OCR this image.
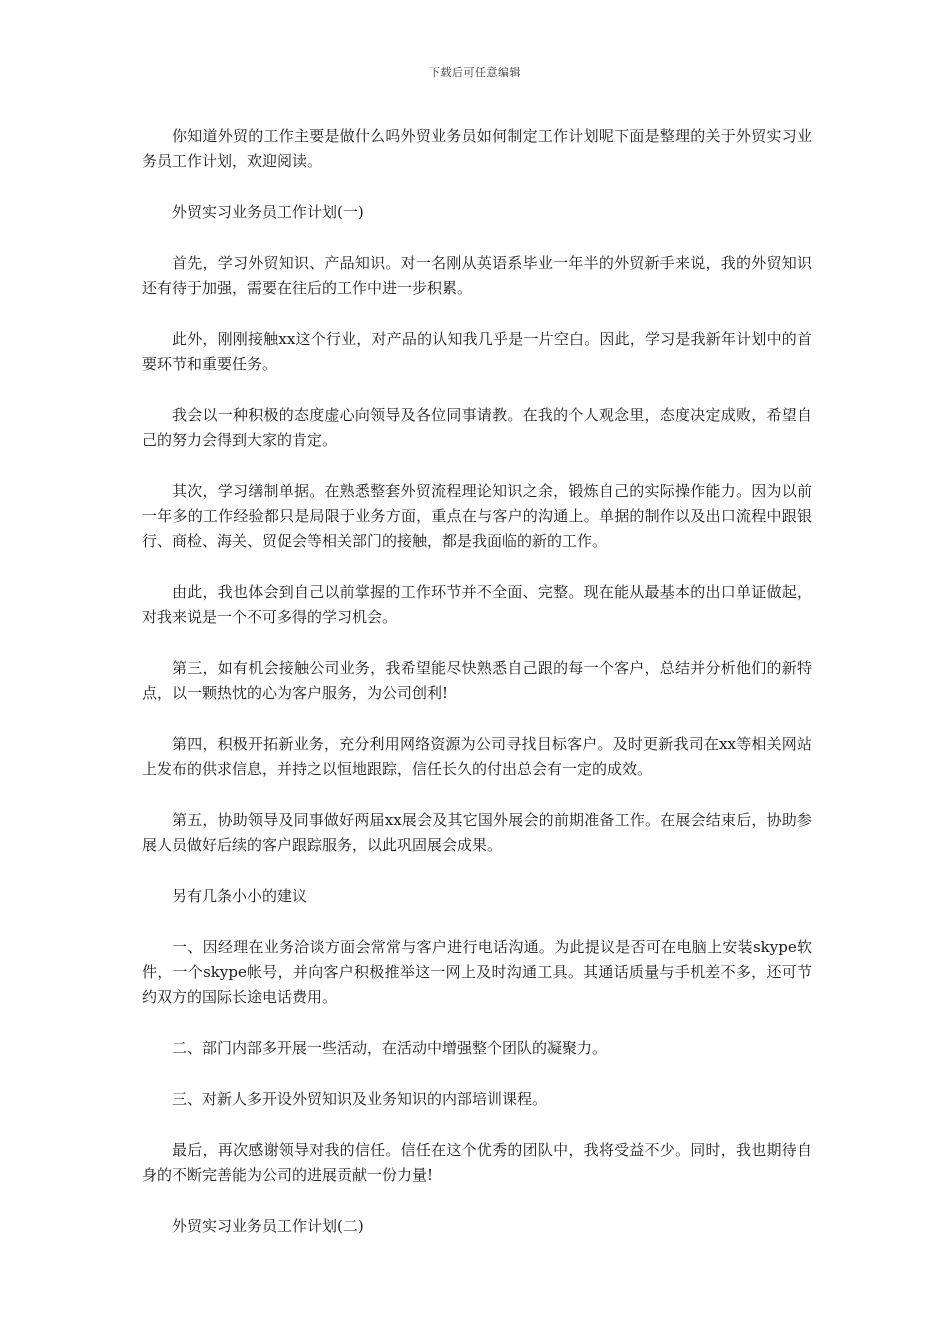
下载后可任意编辑

你知道外贸的工作主要是做什么吗外贸业务员如何制定工作计划呢下面是整理的关于外贸实习业务员工作计划，欢迎阅读。

外贸实习业务员工作计划(一)

首先，学习外贸知识、产品知识。对一名刚从英语系毕业一年半的外贸新手来说，我的外贸知识还有待于加强，需要在往后的工作中进一步积累。

此外，刚刚接触xx这个行业，对产品的认知我几乎是一片空白。因此，学习是我新年计划中的首要环节和重要任务。

我会以一种积极的态度虚心向领导及各位同事请教。在我的个人观念里，态度决定成败，希望自己的努力会得到大家的肯定。

其次，学习缮制单据。在熟悉整套外贸流程理论知识之余，锻炼自己的实际操作能力。因为以前一年多的工作经验都只是局限于业务方面，重点在与客户的沟通上。单据的制作以及出口流程中跟银行、商检、海关、贸促会等相关部门的接触，都是我面临的新的工作。

由此，我也体会到自己以前掌握的工作环节并不全面、完整。现在能从最基本的出口单证做起，对我来说是一个不可多得的学习机会。

第三，如有机会接触公司业务，我希望能尽快熟悉自己跟的每一个客户，总结并分析他们的新特点，以一颗热忱的心为客户服务，为公司创利!

第四，积极开拓新业务，充分利用网络资源为公司寻找目标客户。及时更新我司在xx等相关网站上发布的供求信息，并持之以恒地跟踪，信任长久的付出总会有一定的成效。

第五，协助领导及同事做好两届xx展会及其它国外展会的前期准备工作。在展会结束后，协助参展人员做好后续的客户跟踪服务，以此巩固展会成果。

另有几条小小的建议

一、因经理在业务洽谈方面会常常与客户进行电话沟通。为此提议是否可在电脑上安装skype软件，一个skype帐号，并向客户积极推举这一网上及时沟通工具。其通话质量与手机差不多，还可节约双方的国际长途电话费用。

二、部门内部多开展一些活动，在活动中增强整个团队的凝聚力。

三、对新人多开设外贸知识及业务知识的内部培训课程。

最后，再次感谢领导对我的信任。信任在这个优秀的团队中，我将受益不少。同时，我也期待自身的不断完善能为公司的进展贡献一份力量!

外贸实习业务员工作计划(二)
